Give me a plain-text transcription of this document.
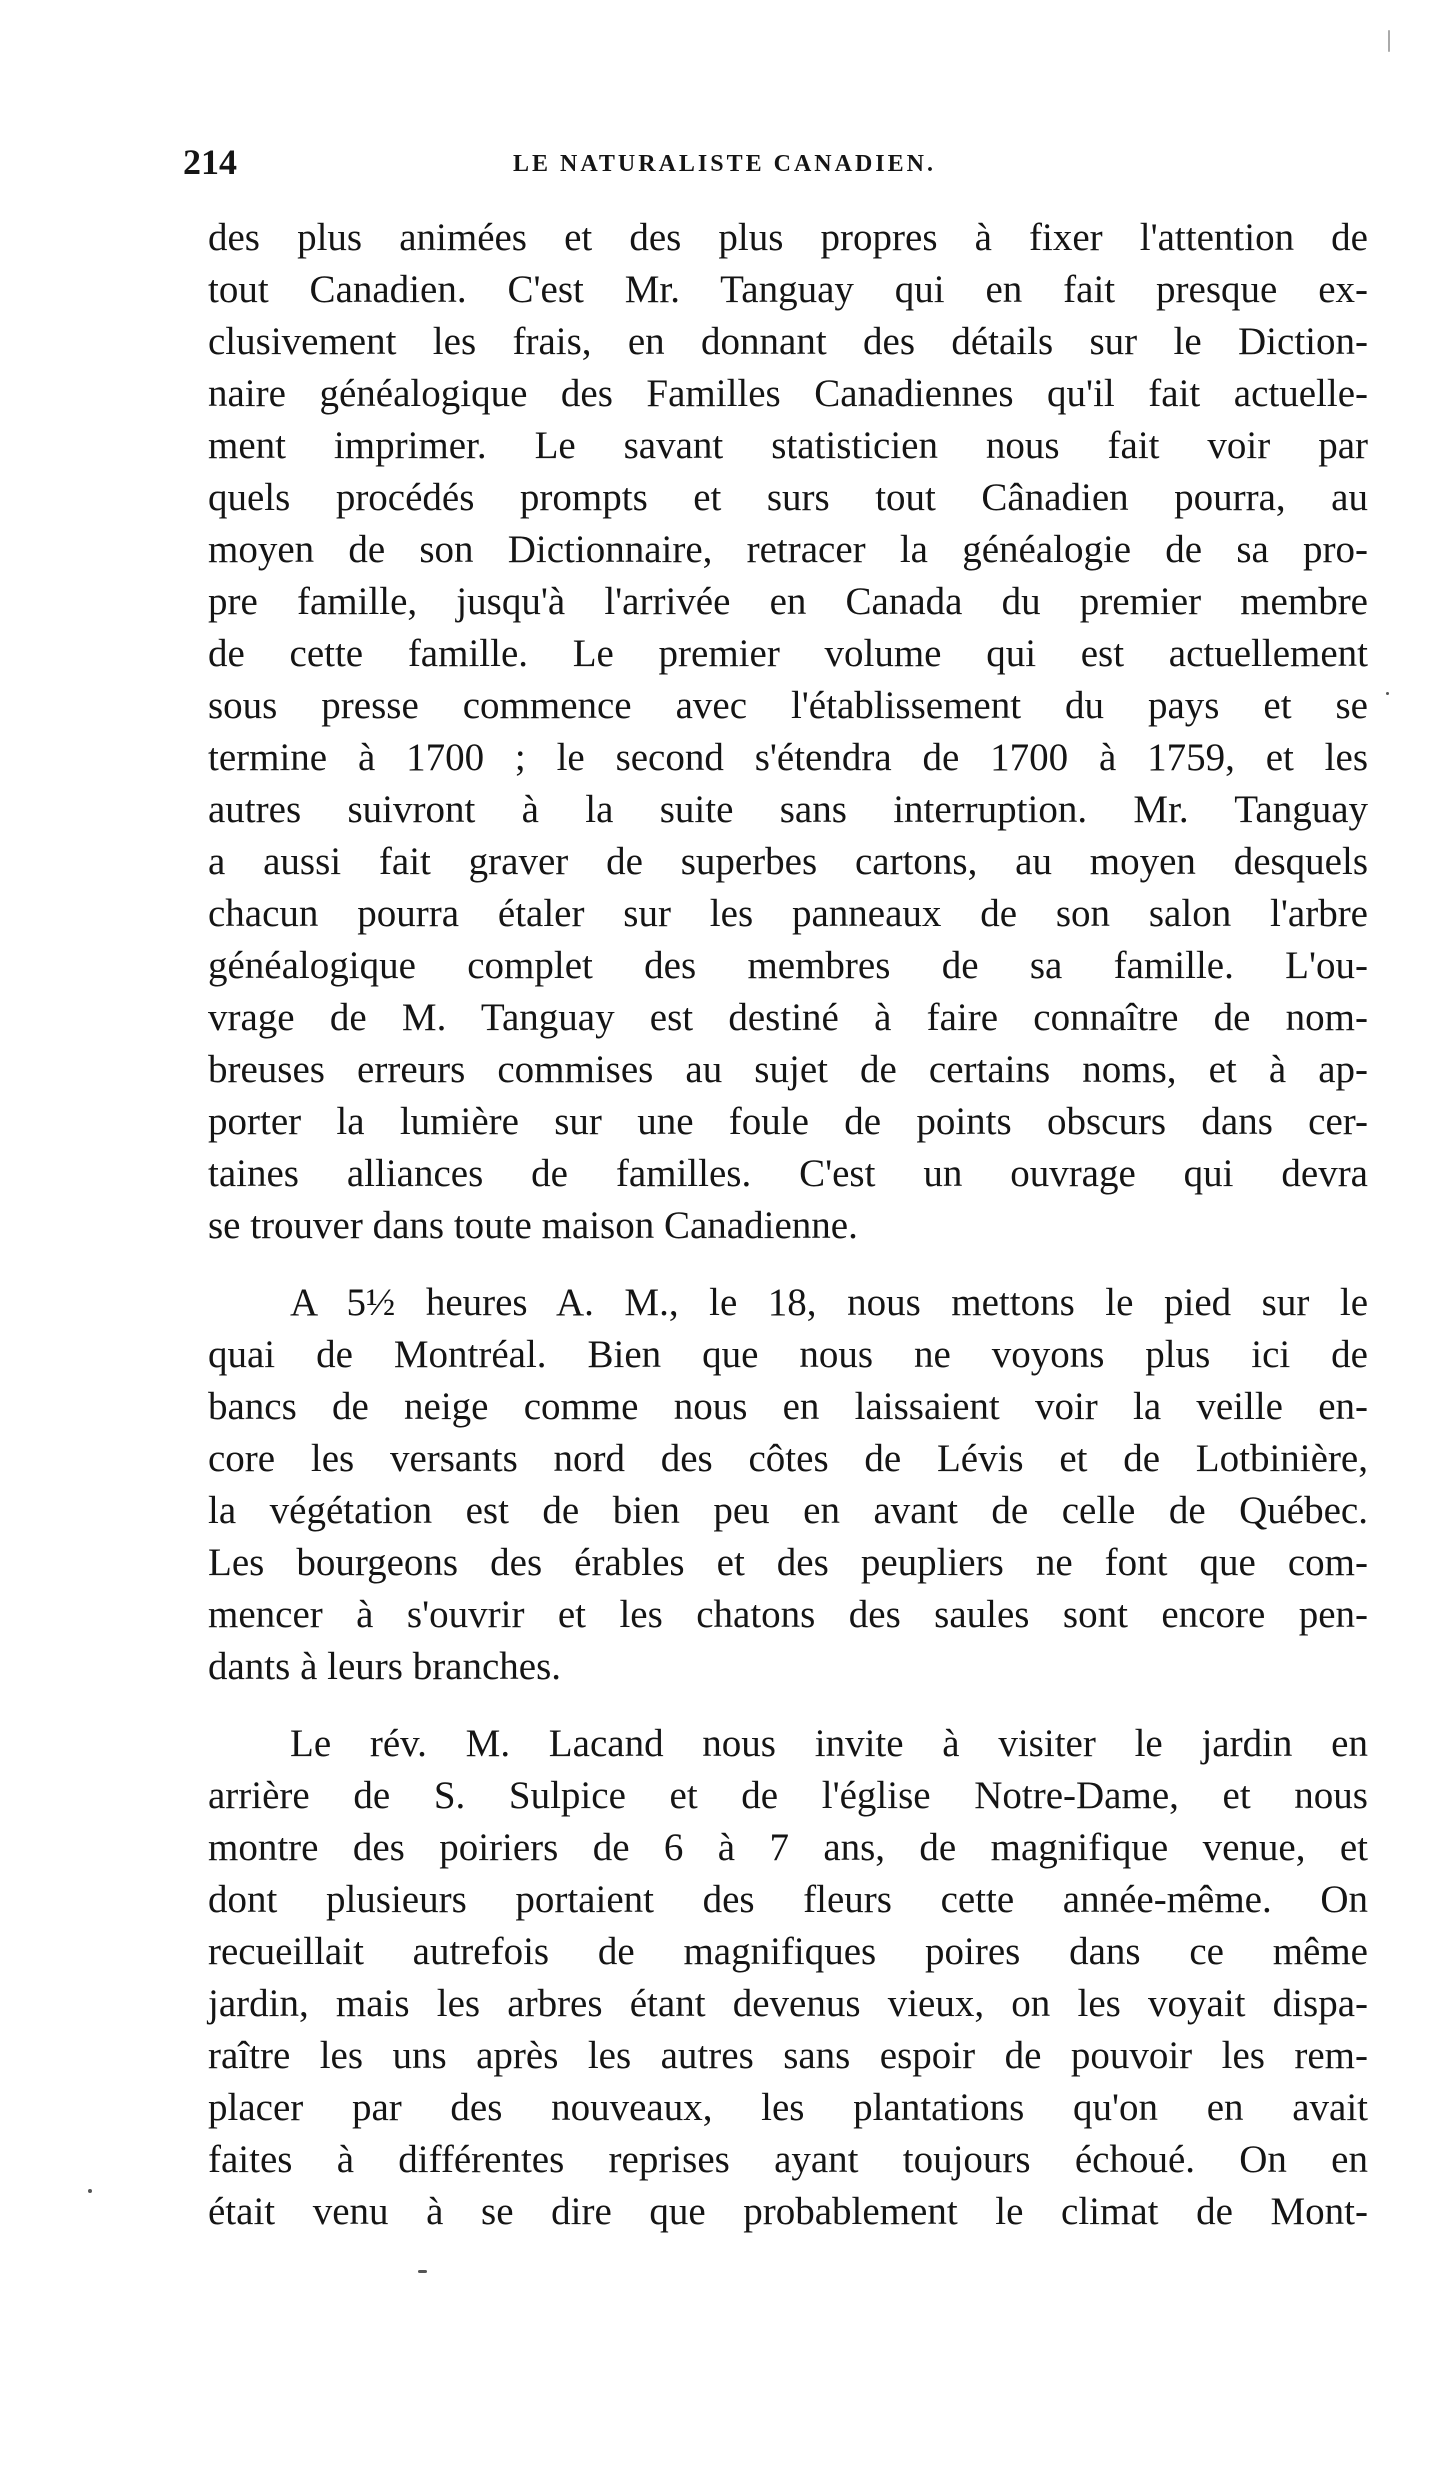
214	LE NATURALISTE CANADIEN.
des plus animées et des plus propres à fixer l'attention de
tout Canadien. C'est Mr. Tanguay qui en fait presque ex-
clusivement les frais, en donnant des détails sur le Diction-
naire généalogique des Familles Canadiennes qu'il fait actuelle-
ment imprimer. Le savant statisticien nous fait voir par
quels procédés prompts et surs tout Cânadien pourra, au
moyen de son Dictionnaire, retracer la généalogie de sa pro-
pre famille, jusqu'à l'arrivée en Canada du premier membre
de cette famille. Le premier volume qui est actuellement
sous presse commence avec l'établissement du pays et se
termine à 1700 ; le second s'étendra de 1700 à 1759, et les
autres suivront à la suite sans interruption. Mr. Tanguay
a aussi fait graver de superbes cartons, au moyen desquels
chacun pourra étaler sur les panneaux de son salon l'arbre
généalogique complet des membres de sa famille. L'ou-
vrage de M. Tanguay est destiné à faire connaître de nom-
breuses erreurs commises au sujet de certains noms, et à ap-
porter la lumière sur une foule de points obscurs dans cer-
taines alliances de familles. C'est un ouvrage qui devra
se trouver dans toute maison Canadienne.
A 5½ heures A. M., le 18, nous mettons le pied sur le
quai de Montréal. Bien que nous ne voyons plus ici de
bancs de neige comme nous en laissaient voir la veille en-
core les versants nord des côtes de Lévis et de Lotbinière,
la végétation est de bien peu en avant de celle de Québec.
Les bourgeons des érables et des peupliers ne font que com-
mencer à s'ouvrir et les chatons des saules sont encore pen-
dants à leurs branches.
Le rév. M. Lacand nous invite à visiter le jardin en
arrière de S. Sulpice et de l'église Notre-Dame, et nous
montre des poiriers de 6 à 7 ans, de magnifique venue, et
dont plusieurs portaient des fleurs cette année-même. On
recueillait autrefois de magnifiques poires dans ce même
jardin, mais les arbres étant devenus vieux, on les voyait dispa-
raître les uns après les autres sans espoir de pouvoir les rem-
placer par des nouveaux, les plantations qu'on en avait
faites à différentes reprises ayant toujours échoué. On en
était venu à se dire que probablement le climat de Mont-
